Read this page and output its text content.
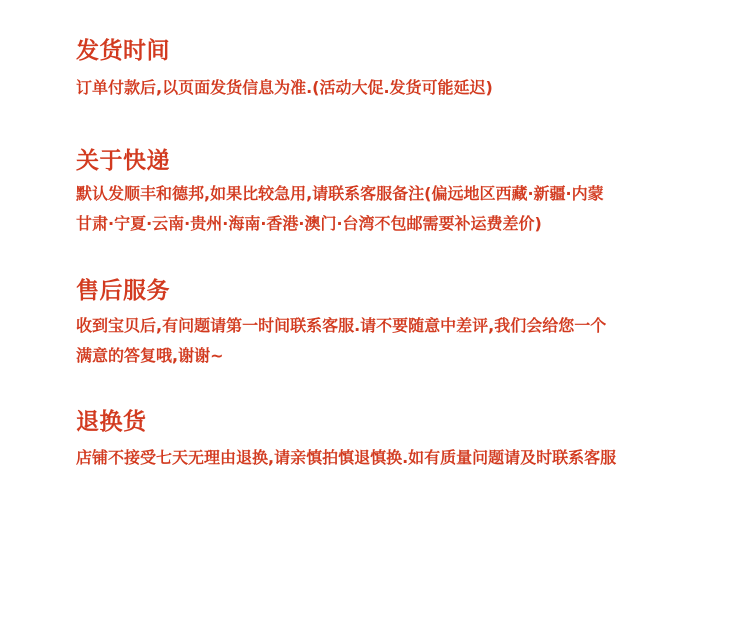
发货时间

订单付款后,以页面发货信息为准.(活动大促.发货可能延迟)

关于快递

默认发顺丰和德邦,如果比较急用,请联系客服备注(偏远地区西藏·新疆·内蒙
甘肃·宁夏·云南·贵州·海南·香港·澳门·台湾不包邮需要补运费差价)

售后服务

收到宝贝后,有问题请第一时间联系客服.请不要随意中差评,我们会给您一个
满意的答复哦,谢谢~

退换货

店铺不接受七天无理由退换,请亲慎拍慎退慎换.如有质量问题请及时联系客服
